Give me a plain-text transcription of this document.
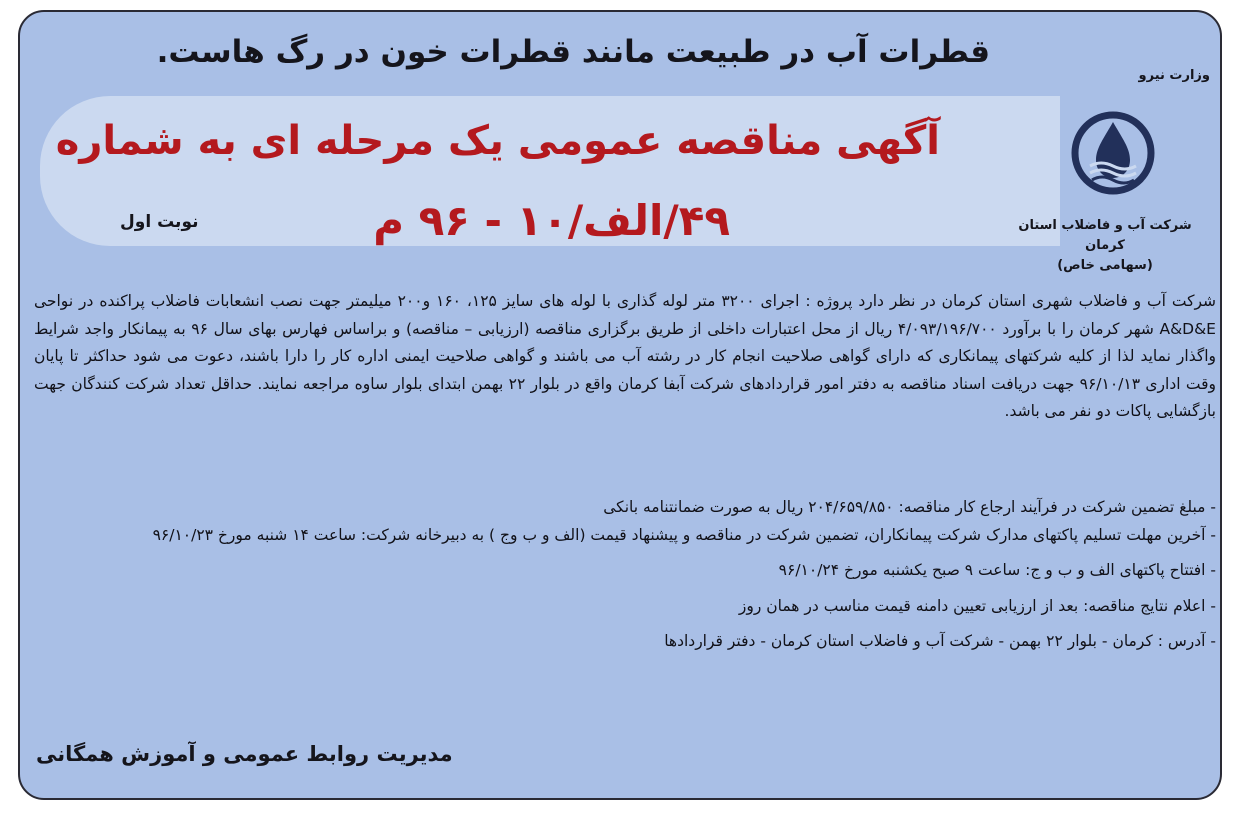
قطرات آب در طبیعت مانند قطرات خون در رگ هاست.
آگهی مناقصه عمومی یک مرحله ای به شماره
۴۹/الف/۱۰ - ۹۶ م
نوبت اول
وزارت نیرو
شرکت آب و فاضلاب استان کرمان
(سهامی خاص)

شرکت آب و فاضلاب شهری استان کرمان در نظر دارد پروژه : اجرای ۳۲۰۰ متر لوله گذاری با لوله های سایز ۱۲۵، ۱۶۰ و۲۰۰ میلیمتر جهت نصب انشعابات فاضلاب پراکنده در نواحی A&D&E شهر کرمان را با برآورد ۴/۰۹۳/۱۹۶/۷۰۰ ریال از محل اعتبارات داخلی از طریق برگزاری مناقصه (ارزیابی – مناقصه) و براساس فهارس بهای سال ۹۶ به پیمانکار واجد شرایط واگذار نماید لذا از کلیه شرکتهای پیمانکاری که دارای گواهی صلاحیت انجام کار در رشته آب می باشند و گواهی صلاحیت ایمنی اداره کار را دارا باشند، دعوت می شود حداکثر تا پایان وقت اداری ۹۶/۱۰/۱۳ جهت دریافت اسناد مناقصه به دفتر امور قراردادهای شرکت آبفا کرمان واقع در بلوار ۲۲ بهمن ابتدای بلوار ساوه مراجعه نمایند. حداقل تعداد شرکت کنندگان جهت بازگشایی پاکات دو نفر می باشد.

- مبلغ تضمین شرکت در فرآیند ارجاع کار مناقصه: ۲۰۴/۶۵۹/۸۵۰ ریال به صورت ضمانتنامه بانکی
- آخرین مهلت تسلیم پاکتهای مدارک شرکت پیمانکاران، تضمین شرکت در مناقصه و پیشنهاد قیمت (الف و ب وج ) به دبیرخانه شرکت: ساعت ۱۴ شنبه مورخ ۹۶/۱۰/۲۳
- افتتاح پاکتهای الف و ب و ج: ساعت ۹ صبح یکشنبه مورخ ۹۶/۱۰/۲۴
- اعلام نتایج مناقصه: بعد از ارزیابی تعیین دامنه قیمت مناسب در همان روز
- آدرس : کرمان - بلوار ۲۲ بهمن - شرکت آب و فاضلاب استان کرمان - دفتر قراردادها
مدیریت روابط عمومی و آموزش همگانی
